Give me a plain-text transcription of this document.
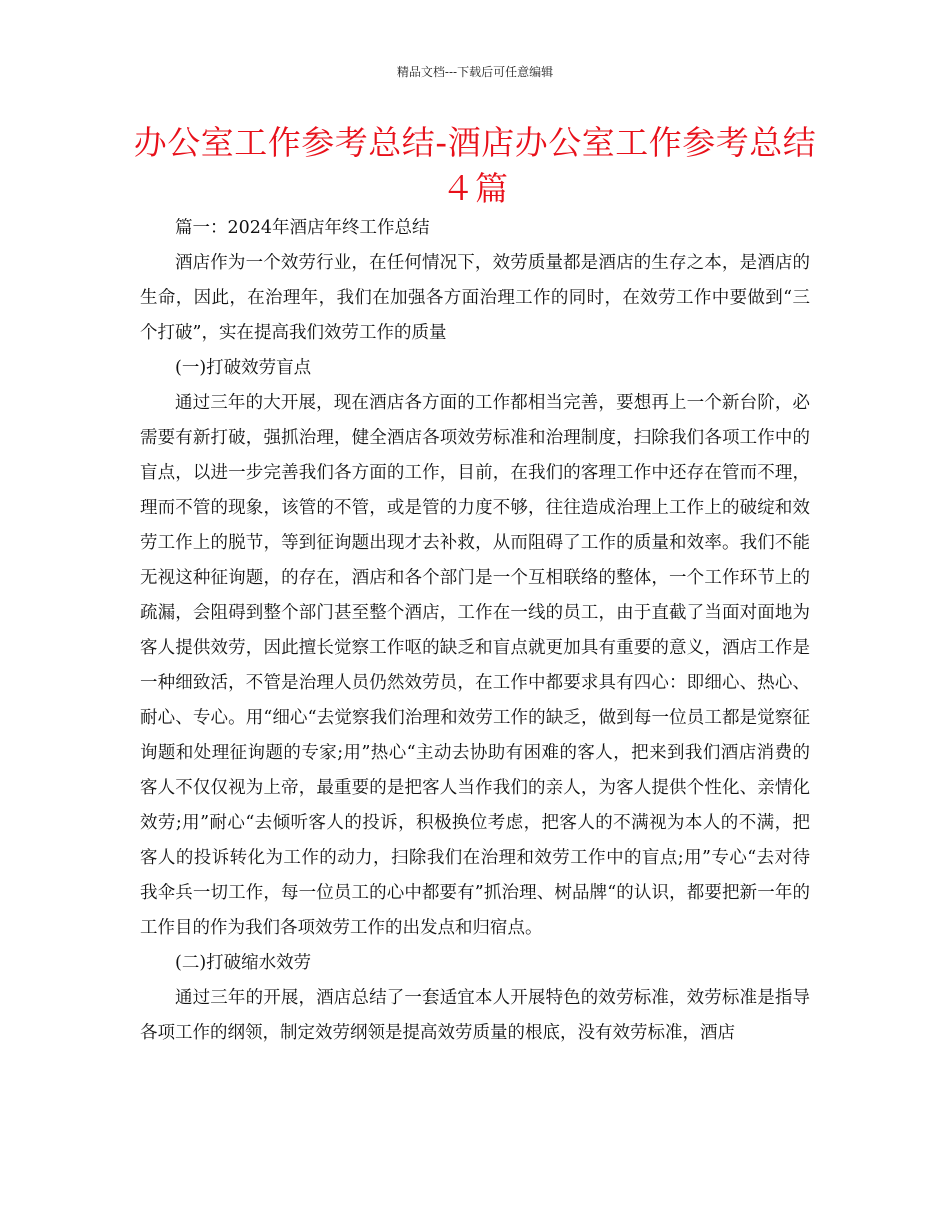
精品文档---下载后可任意编辑
办公室工作参考总结-酒店办公室工作参考总结４篇

篇一：2024年酒店年终工作总结

酒店作为一个效劳行业，在任何情况下，效劳质量都是酒店的生存之本，是酒店的生命，因此，在治理年，我们在加强各方面治理工作的同时，在效劳工作中要做到“三个打破”，实在提高我们效劳工作的质量

(一)打破效劳盲点

通过三年的大开展，现在酒店各方面的工作都相当完善，要想再上一个新台阶，必需要有新打破，强抓治理，健全酒店各项效劳标准和治理制度，扫除我们各项工作中的盲点，以进一步完善我们各方面的工作，目前，在我们的客理工作中还存在管而不理，理而不管的现象，该管的不管，或是管的力度不够，往往造成治理上工作上的破绽和效劳工作上的脱节，等到征询题出现才去补救，从而阻碍了工作的质量和效率。我们不能无视这种征询题，的存在，酒店和各个部门是一个互相联络的整体，一个工作环节上的疏漏，会阻碍到整个部门甚至整个酒店，工作在一线的员工，由于直截了当面对面地为客人提供效劳，因此擅长觉察工作呕的缺乏和盲点就更加具有重要的意义，酒店工作是一种细致活，不管是治理人员仍然效劳员，在工作中都要求具有四心：即细心、热心、耐心、专心。用“细心“去觉察我们治理和效劳工作的缺乏，做到每一位员工都是觉察征询题和处理征询题的专家;用”热心“主动去协助有困难的客人，把来到我们酒店消费的客人不仅仅视为上帝，最重要的是把客人当作我们的亲人，为客人提供个性化、亲情化效劳;用”耐心“去倾听客人的投诉，积极换位考虑，把客人的不满视为本人的不满，把客人的投诉转化为工作的动力，扫除我们在治理和效劳工作中的盲点;用”专心“去对待我伞兵一切工作，每一位员工的心中都要有”抓治理、树品牌“的认识，都要把新一年的工作目的作为我们各项效劳工作的出发点和归宿点。

(二)打破缩水效劳

通过三年的开展，酒店总结了一套适宜本人开展特色的效劳标准，效劳标准是指导各项工作的纲领，制定效劳纲领是提高效劳质量的根底，没有效劳标准，酒店
